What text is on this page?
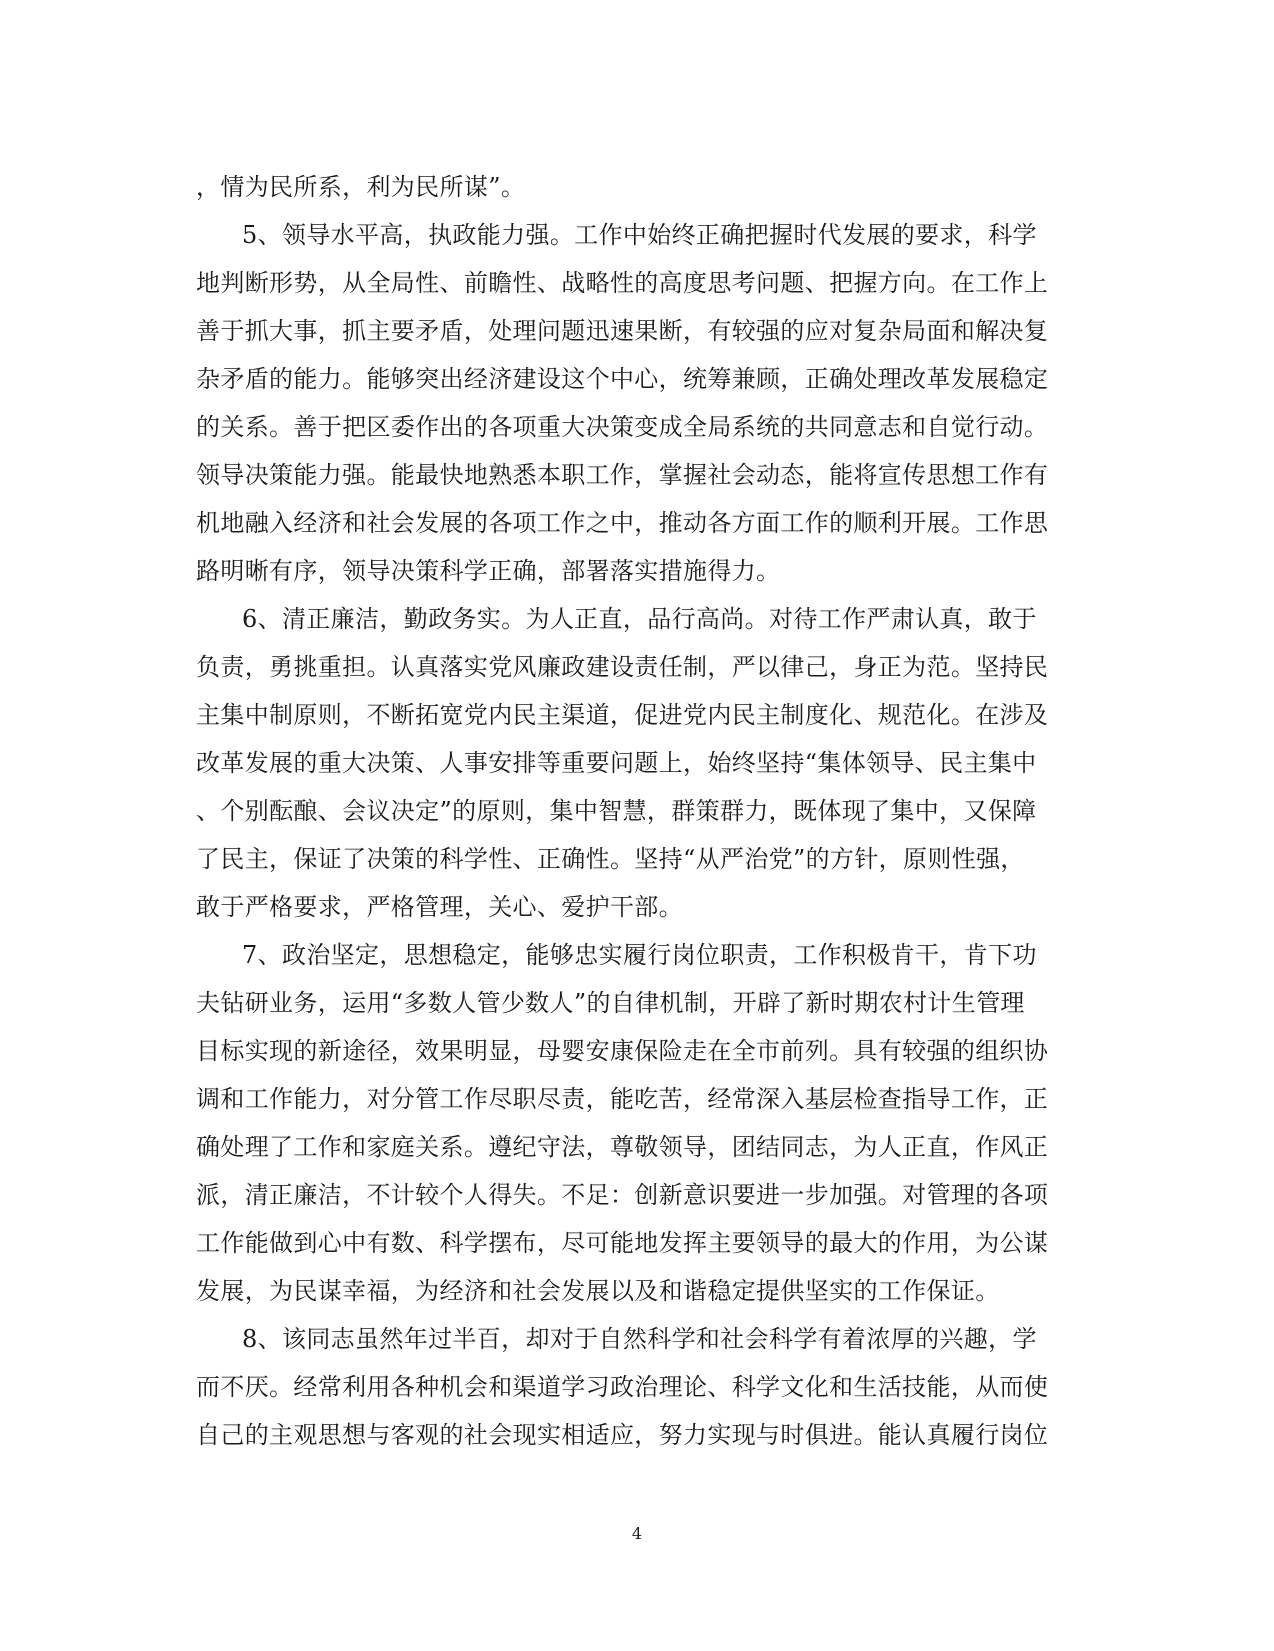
，情为民所系，利为民所谋”。
5、领导水平高，执政能力强。工作中始终正确把握时代发展的要求，科学
地判断形势，从全局性、前瞻性、战略性的高度思考问题、把握方向。在工作上
善于抓大事，抓主要矛盾，处理问题迅速果断，有较强的应对复杂局面和解决复
杂矛盾的能力。能够突出经济建设这个中心，统筹兼顾，正确处理改革发展稳定
的关系。善于把区委作出的各项重大决策变成全局系统的共同意志和自觉行动。
领导决策能力强。能最快地熟悉本职工作，掌握社会动态，能将宣传思想工作有
机地融入经济和社会发展的各项工作之中，推动各方面工作的顺利开展。工作思
路明晰有序，领导决策科学正确，部署落实措施得力。
6、清正廉洁，勤政务实。为人正直，品行高尚。对待工作严肃认真，敢于
负责，勇挑重担。认真落实党风廉政建设责任制，严以律己，身正为范。坚持民
主集中制原则，不断拓宽党内民主渠道，促进党内民主制度化、规范化。在涉及
改革发展的重大决策、人事安排等重要问题上，始终坚持“集体领导、民主集中
、个别酝酿、会议决定”的原则，集中智慧，群策群力，既体现了集中，又保障
了民主，保证了决策的科学性、正确性。坚持“从严治党”的方针，原则性强，
敢于严格要求，严格管理，关心、爱护干部。
7、政治坚定，思想稳定，能够忠实履行岗位职责，工作积极肯干，肯下功
夫钻研业务，运用“多数人管少数人”的自律机制，开辟了新时期农村计生管理
目标实现的新途径，效果明显，母婴安康保险走在全市前列。具有较强的组织协
调和工作能力，对分管工作尽职尽责，能吃苦，经常深入基层检查指导工作，正
确处理了工作和家庭关系。遵纪守法，尊敬领导，团结同志，为人正直，作风正
派，清正廉洁，不计较个人得失。不足：创新意识要进一步加强。对管理的各项
工作能做到心中有数、科学摆布，尽可能地发挥主要领导的最大的作用，为公谋
发展，为民谋幸福，为经济和社会发展以及和谐稳定提供坚实的工作保证。
8、该同志虽然年过半百，却对于自然科学和社会科学有着浓厚的兴趣，学
而不厌。经常利用各种机会和渠道学习政治理论、科学文化和生活技能，从而使
自己的主观思想与客观的社会现实相适应，努力实现与时俱进。能认真履行岗位
4
